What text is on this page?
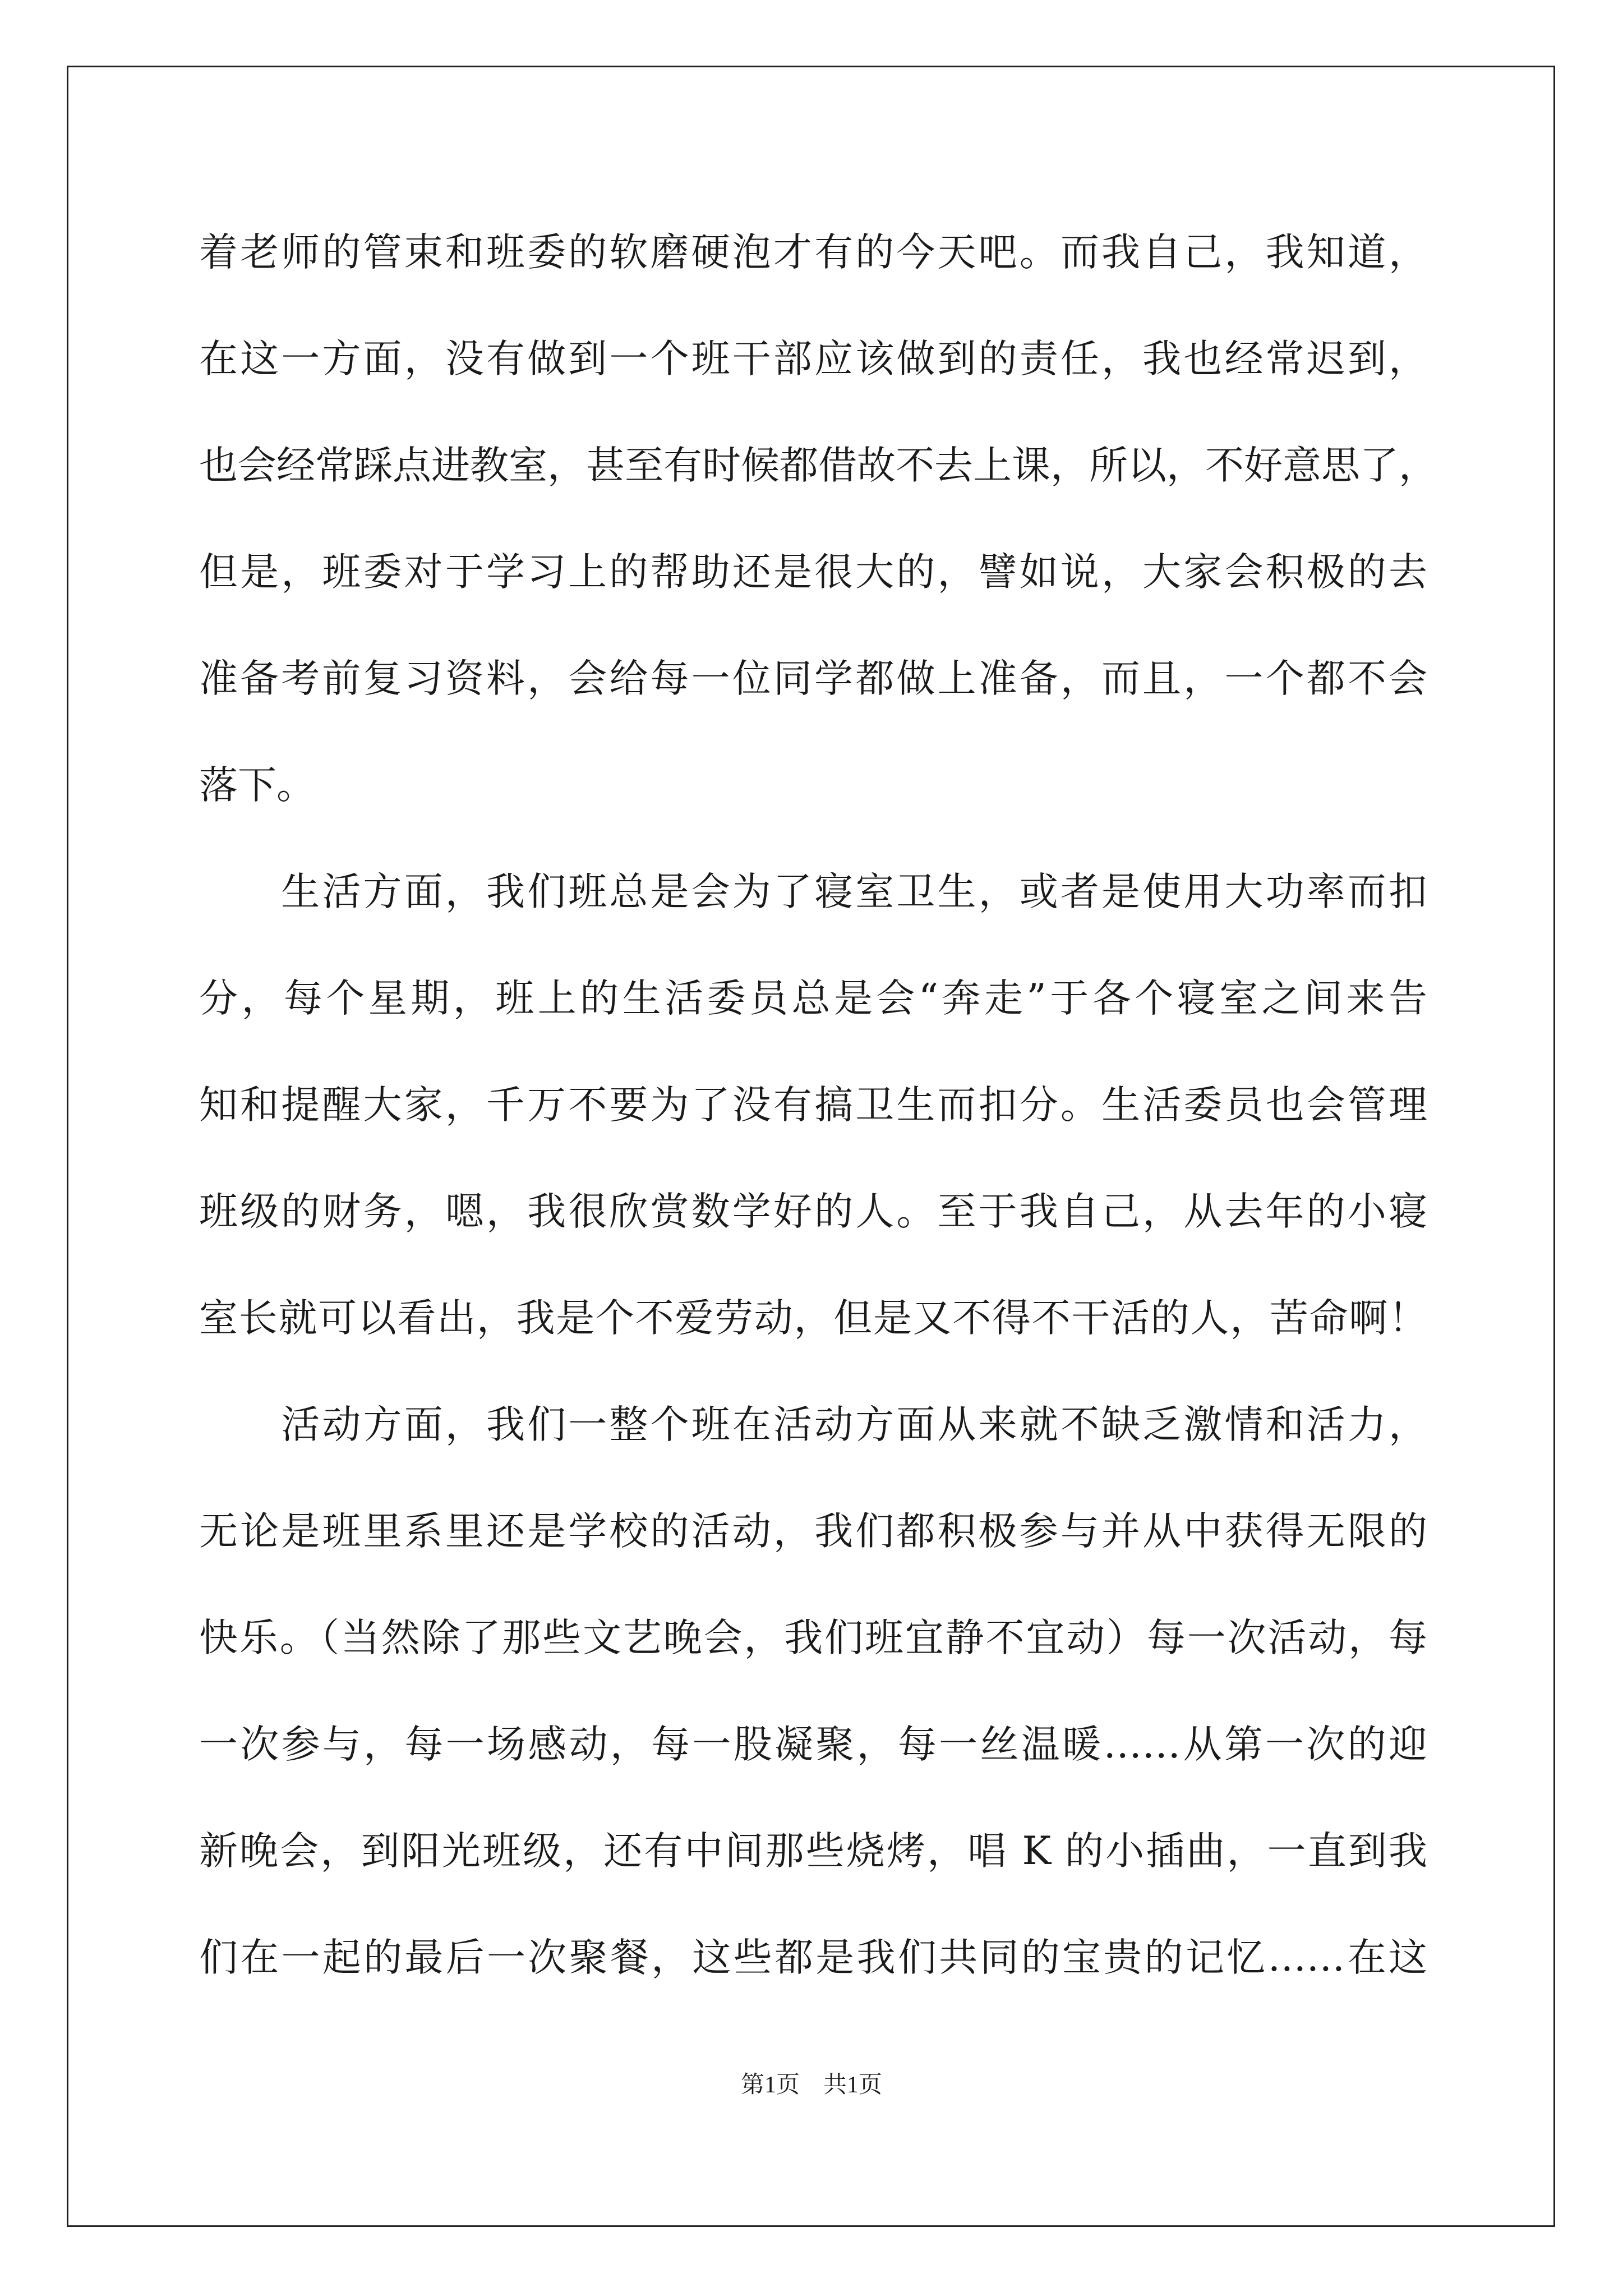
着老师的管束和班委的软磨硬泡才有的今天吧。而我自己，我知道，
在这一方面，没有做到一个班干部应该做到的责任，我也经常迟到，
也会经常踩点进教室，甚至有时候都借故不去上课，所以，不好意思了，
但是，班委对于学习上的帮助还是很大的，譬如说，大家会积极的去
准备考前复习资料，会给每一位同学都做上准备，而且，一个都不会
落下。
　　生活方面，我们班总是会为了寝室卫生，或者是使用大功率而扣
分，每个星期，班上的生活委员总是会“奔走”于各个寝室之间来告
知和提醒大家，千万不要为了没有搞卫生而扣分。生活委员也会管理
班级的财务，嗯，我很欣赏数学好的人。至于我自己，从去年的小寝
室长就可以看出，我是个不爱劳动，但是又不得不干活的人，苦命啊！
　　活动方面，我们一整个班在活动方面从来就不缺乏激情和活力，
无论是班里系里还是学校的活动，我们都积极参与并从中获得无限的
快乐。（当然除了那些文艺晚会，我们班宜静不宜动）每一次活动，每
一次参与，每一场感动，每一股凝聚，每一丝温暖……从第一次的迎
新晚会，到阳光班级，还有中间那些烧烤，唱 K 的小插曲，一直到我
们在一起的最后一次聚餐，这些都是我们共同的宝贵的记忆……在这
第1页 共1页
